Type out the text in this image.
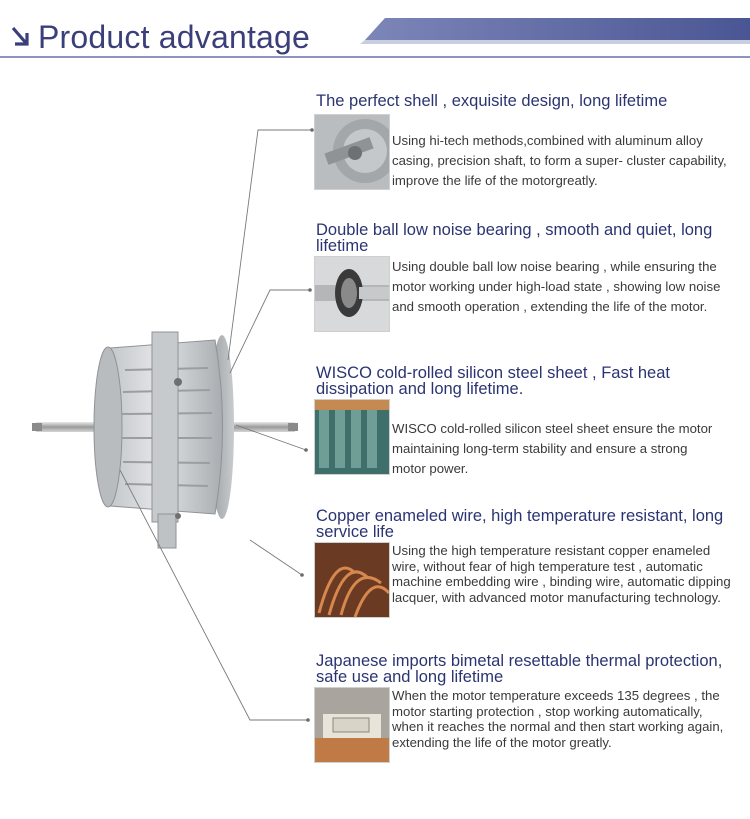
Product advantage
The perfect shell , exquisite design, long lifetime
Using hi-tech methods,combined with aluminum alloy casing, precision shaft, to form a super- cluster capability, improve the life of the motorgreatly.
Double ball low noise bearing , smooth and quiet, long lifetime
Using double ball low noise bearing , while ensuring the motor working under high-load state , showing low noise and smooth operation , extending the life of the motor.
WISCO cold-rolled silicon steel sheet , Fast heat dissipation and long lifetime.
WISCO cold-rolled silicon steel sheet ensure the motor maintaining long-term stability and ensure a strong motor power.
Copper enameled wire, high temperature resistant, long service life
Using the high temperature resistant copper enameled wire, without fear of high temperature test , automatic machine embedding wire , binding wire, automatic dipping lacquer, with advanced motor manufacturing technology.
Japanese imports bimetal resettable thermal protection, safe use and long lifetime
When the motor temperature exceeds 135 degrees , the motor starting protection , stop working automatically, when it reaches the normal and then start working again, extending the life of the motor greatly.
